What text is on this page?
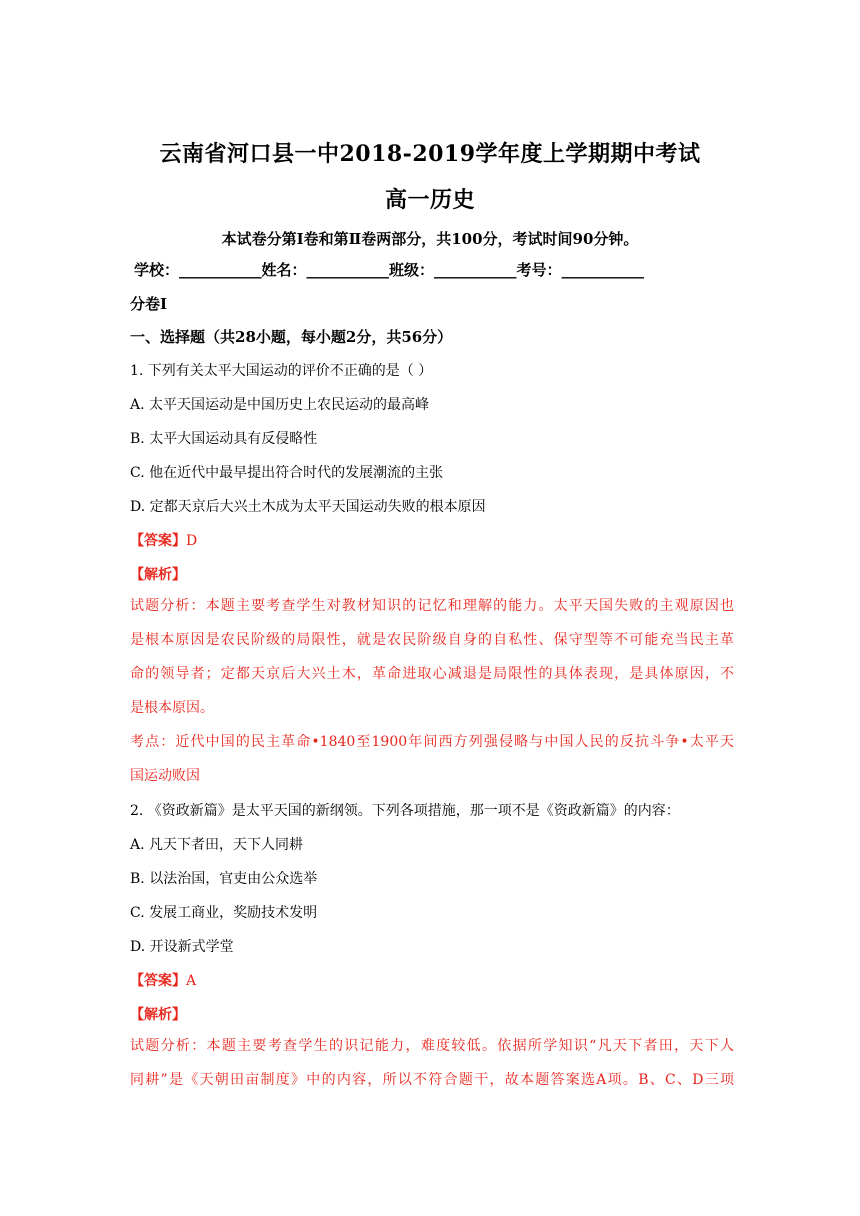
云南省河口县一中2018-2019学年度上学期期中考试
高一历史
本试卷分第Ⅰ卷和第Ⅱ卷两部分，共100分，考试时间90分钟。
学校：___________姓名：___________班级：___________考号：___________
分卷I
一、选择题（共28小题，每小题2分，共56分）
1. 下列有关太平大国运动的评价不正确的是（ ）
A. 太平天国运动是中国历史上农民运动的最高峰
B. 太平大国运动具有反侵略性
C. 他在近代中最早提出符合时代的发展潮流的主张
D. 定都天京后大兴土木成为太平天国运动失败的根本原因
【答案】D
【解析】
试题分析：本题主要考查学生对教材知识的记忆和理解的能力。太平天国失败的主观原因也
是根本原因是农民阶级的局限性，就是农民阶级自身的自私性、保守型等不可能充当民主革
命的领导者；定都天京后大兴土木，革命进取心减退是局限性的具体表现，是具体原因，不
是根本原因。
考点：近代中国的民主革命•1840至1900年间西方列强侵略与中国人民的反抗斗争•太平天
国运动败因
2. 《资政新篇》是太平天国的新纲领。下列各项措施，那一项不是《资政新篇》的内容：
A. 凡天下者田，天下人同耕
B. 以法治国，官吏由公众选举
C. 发展工商业，奖励技术发明
D. 开设新式学堂
【答案】A
【解析】
试题分析：本题主要考查学生的识记能力，难度较低。依据所学知识“凡天下者田，天下人
同耕”是《天朝田亩制度》中的内容，所以不符合题干，故本题答案选A项。B、C、D三项
